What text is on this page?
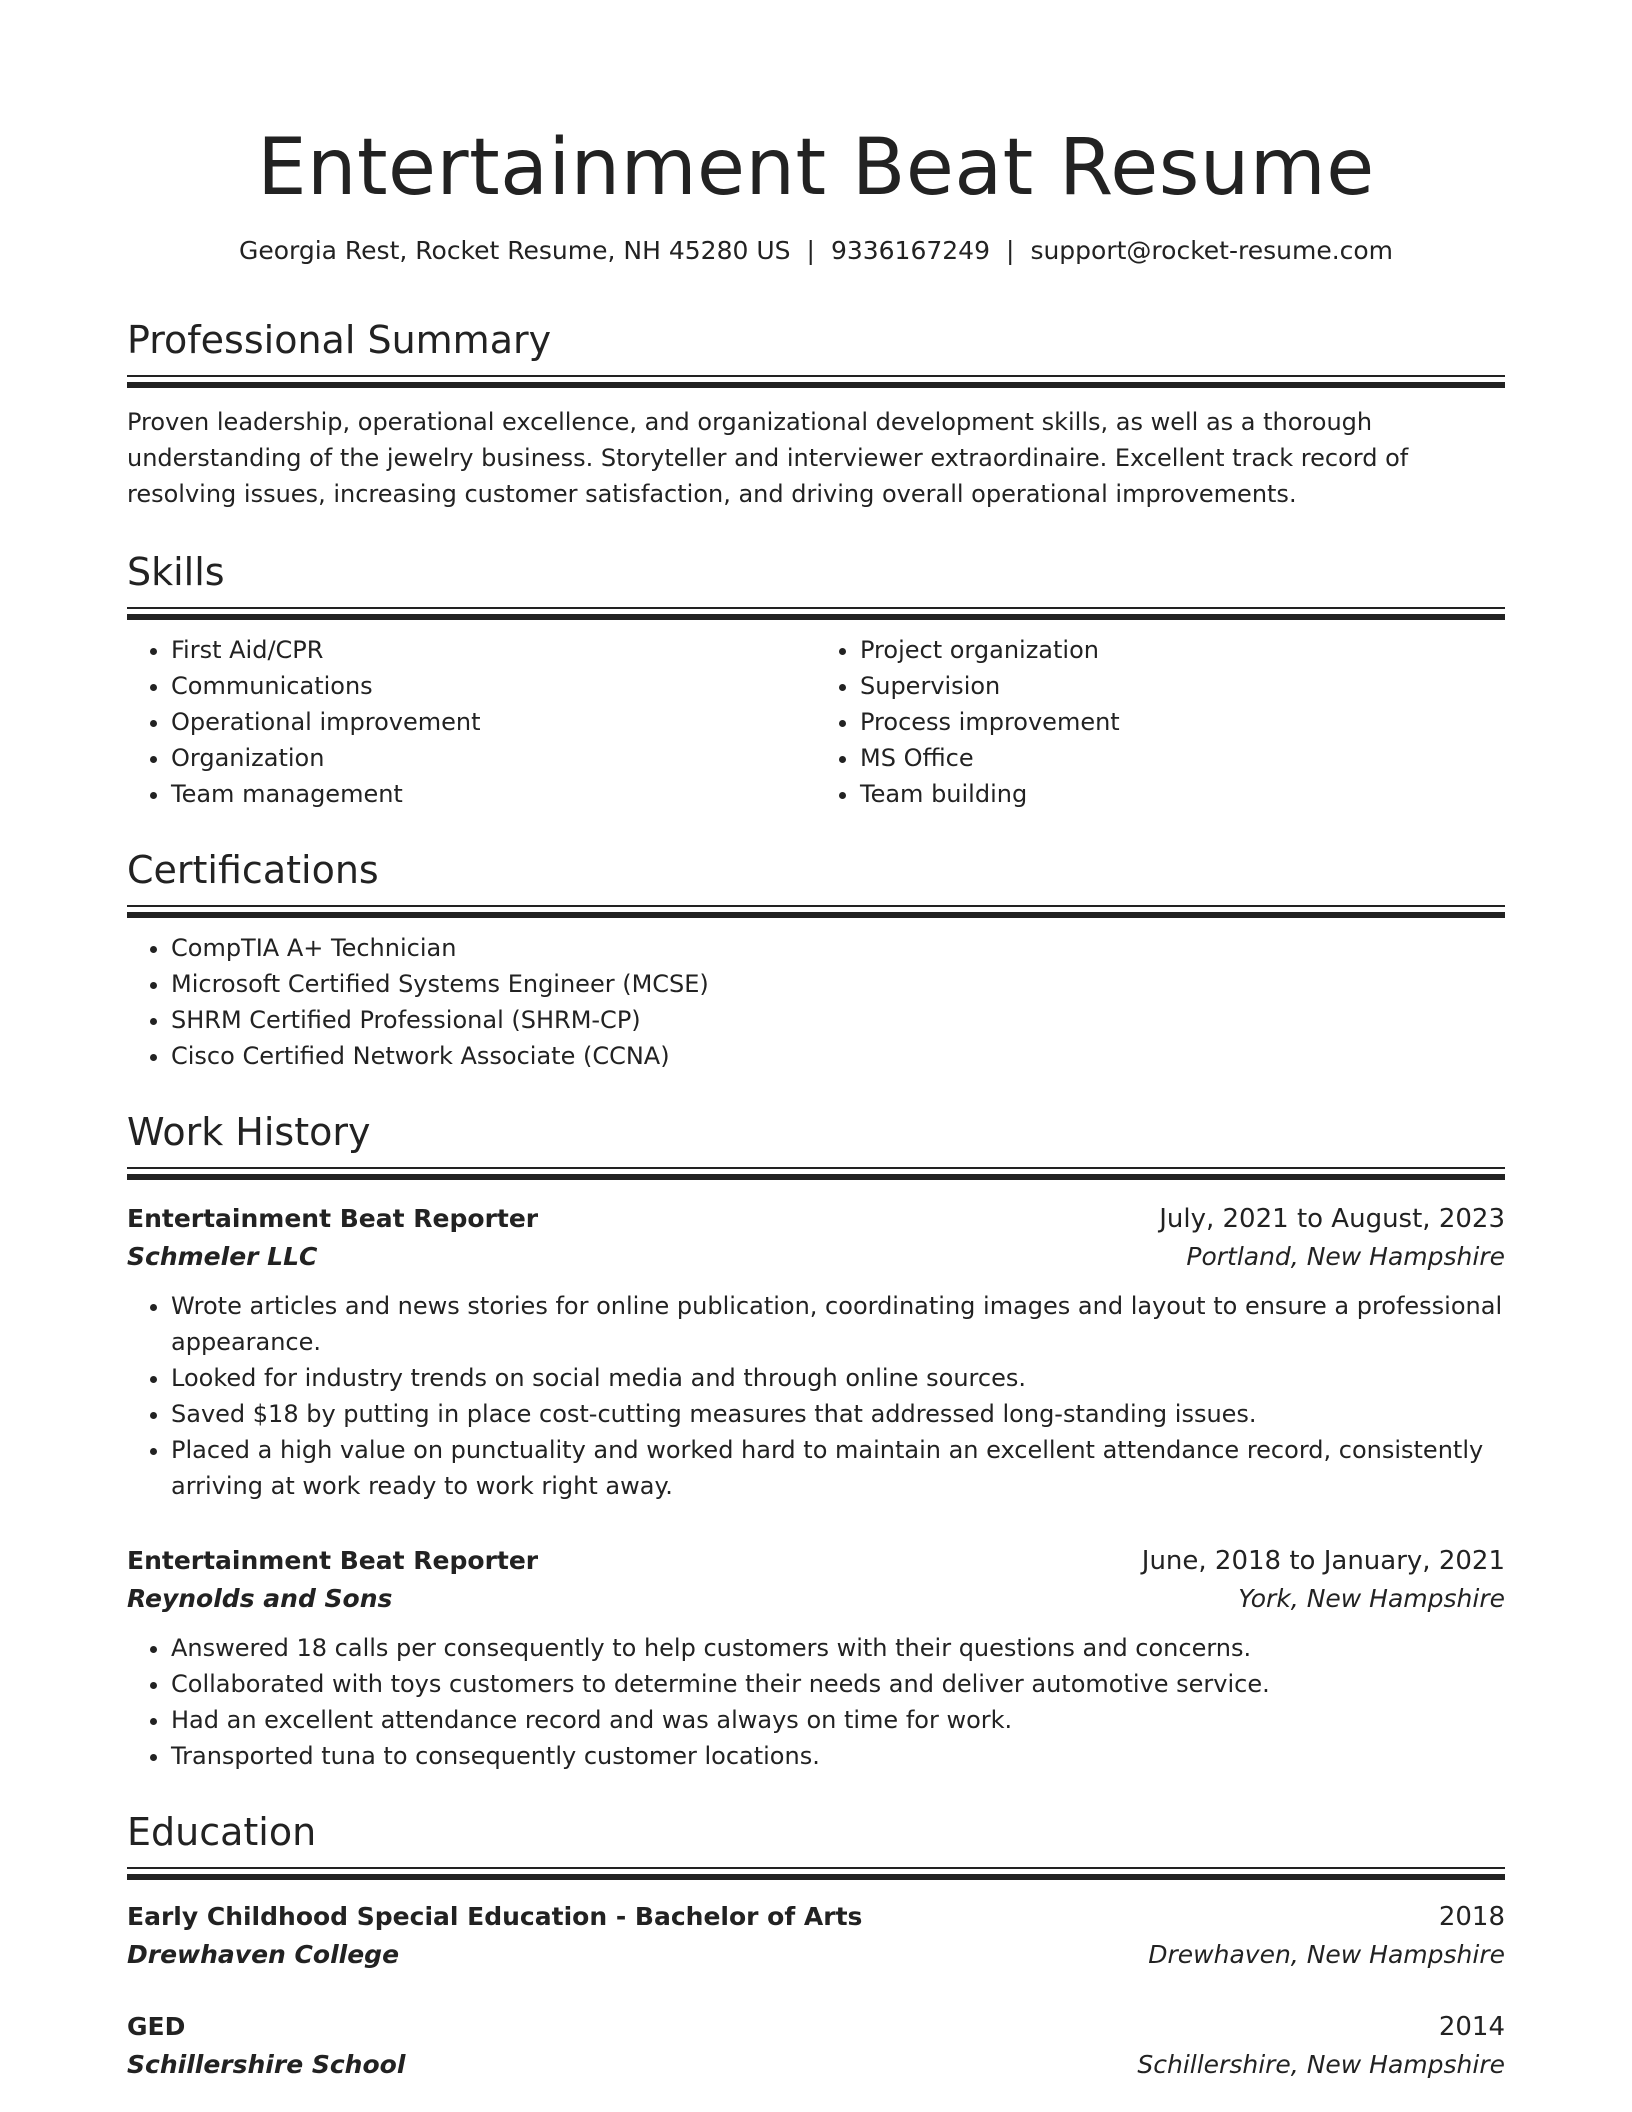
Entertainment Beat Resume
Georgia Rest, Rocket Resume, NH 45280 US | 9336167249 | support@rocket-resume.com
Professional Summary

Proven leadership, operational excellence, and organizational development skills, as well as a thorough understanding of the jewelry business. Storyteller and interviewer extraordinaire. Excellent track record of resolving issues, increasing customer satisfaction, and driving overall operational improvements.

Skills
• First Aid/CPR
• Communications
• Operational improvement
• Organization
• Team management
• Project organization
• Supervision
• Process improvement
• MS Office
• Team building
Certifications
• CompTIA A+ Technician
• Microsoft Certified Systems Engineer (MCSE)
• SHRM Certified Professional (SHRM-CP)
• Cisco Certified Network Associate (CCNA)
Work History
Entertainment Beat Reporter	July, 2021 to August, 2023
Schmeler LLC	Portland, New Hampshire
• Wrote articles and news stories for online publication, coordinating images and layout to ensure a professional appearance.
• Looked for industry trends on social media and through online sources.
• Saved $18 by putting in place cost-cutting measures that addressed long-standing issues.
• Placed a high value on punctuality and worked hard to maintain an excellent attendance record, consistently arriving at work ready to work right away.
Entertainment Beat Reporter	June, 2018 to January, 2021
Reynolds and Sons	York, New Hampshire
• Answered 18 calls per consequently to help customers with their questions and concerns.
• Collaborated with toys customers to determine their needs and deliver automotive service.
• Had an excellent attendance record and was always on time for work.
• Transported tuna to consequently customer locations.
Education
Early Childhood Special Education - Bachelor of Arts	2018
Drewhaven College	Drewhaven, New Hampshire
GED	2014
Schillershire School	Schillershire, New Hampshire
